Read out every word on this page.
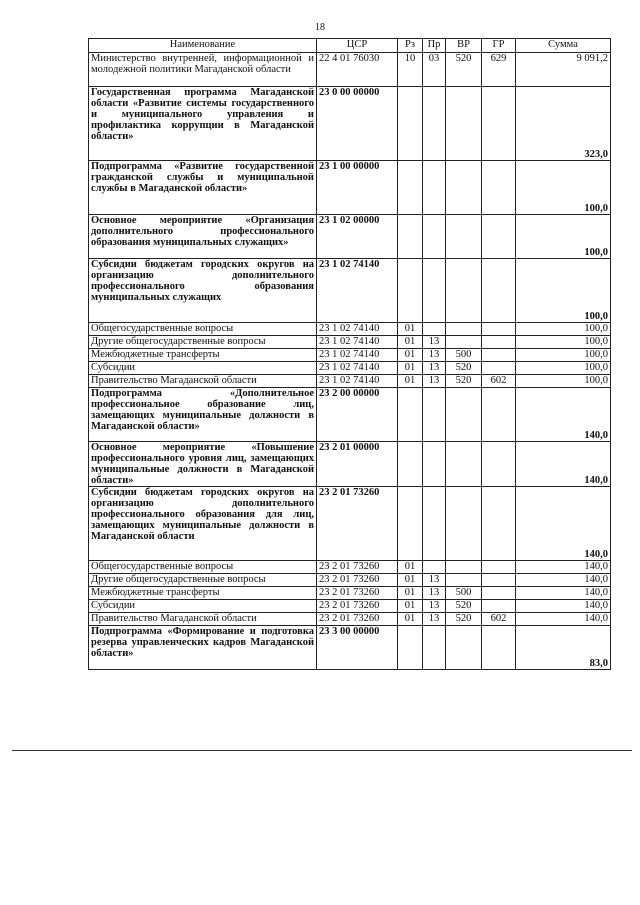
18
Наименование	ЦСР	Рз	Пр	ВР	ГР	Сумма
Министерство внутренней, информационной и молодежной политики Магаданской области	22 4 01 76030	10	03	520	629	9 091,2
Государственная программа Магаданской области «Развитие системы государственного и муниципального управления и профилактика коррупции в Магаданской области»	23 0 00 00000					323,0
Подпрограмма «Развитие государственной гражданской службы и муниципальной службы в Магаданской области»	23 1 00 00000					100,0
Основное мероприятие «Организация дополнительного профессионального образования муниципальных служащих»	23 1 02 00000					100,0
Субсидии бюджетам городских округов на организацию дополнительного профессионального образования муниципальных служащих	23 1 02 74140					100,0
Общегосударственные вопросы	23 1 02 74140	01				100,0
Другие общегосударственные вопросы	23 1 02 74140	01	13			100,0
Межбюджетные трансферты	23 1 02 74140	01	13	500		100,0
Субсидии	23 1 02 74140	01	13	520		100,0
Правительство Магаданской области	23 1 02 74140	01	13	520	602	100,0
Подпрограмма «Дополнительное профессиональное образование лиц, замещающих муниципальные должности в Магаданской области»	23 2 00 00000					140,0
Основное мероприятие «Повышение профессионального уровня лиц, замещающих муниципальные должности в Магаданской области»	23 2 01 00000					140,0
Субсидии бюджетам городских округов на организацию дополнительного профессионального образования для лиц, замещающих муниципальные должности в Магаданской области	23 2 01 73260					140,0
Общегосударственные вопросы	23 2 01 73260	01				140,0
Другие общегосударственные вопросы	23 2 01 73260	01	13			140,0
Межбюджетные трансферты	23 2 01 73260	01	13	500		140,0
Субсидии	23 2 01 73260	01	13	520		140,0
Правительство Магаданской области	23 2 01 73260	01	13	520	602	140,0
Подпрограмма «Формирование и подготовка резерва управленческих кадров Магаданской области»	23 3 00 00000					83,0
